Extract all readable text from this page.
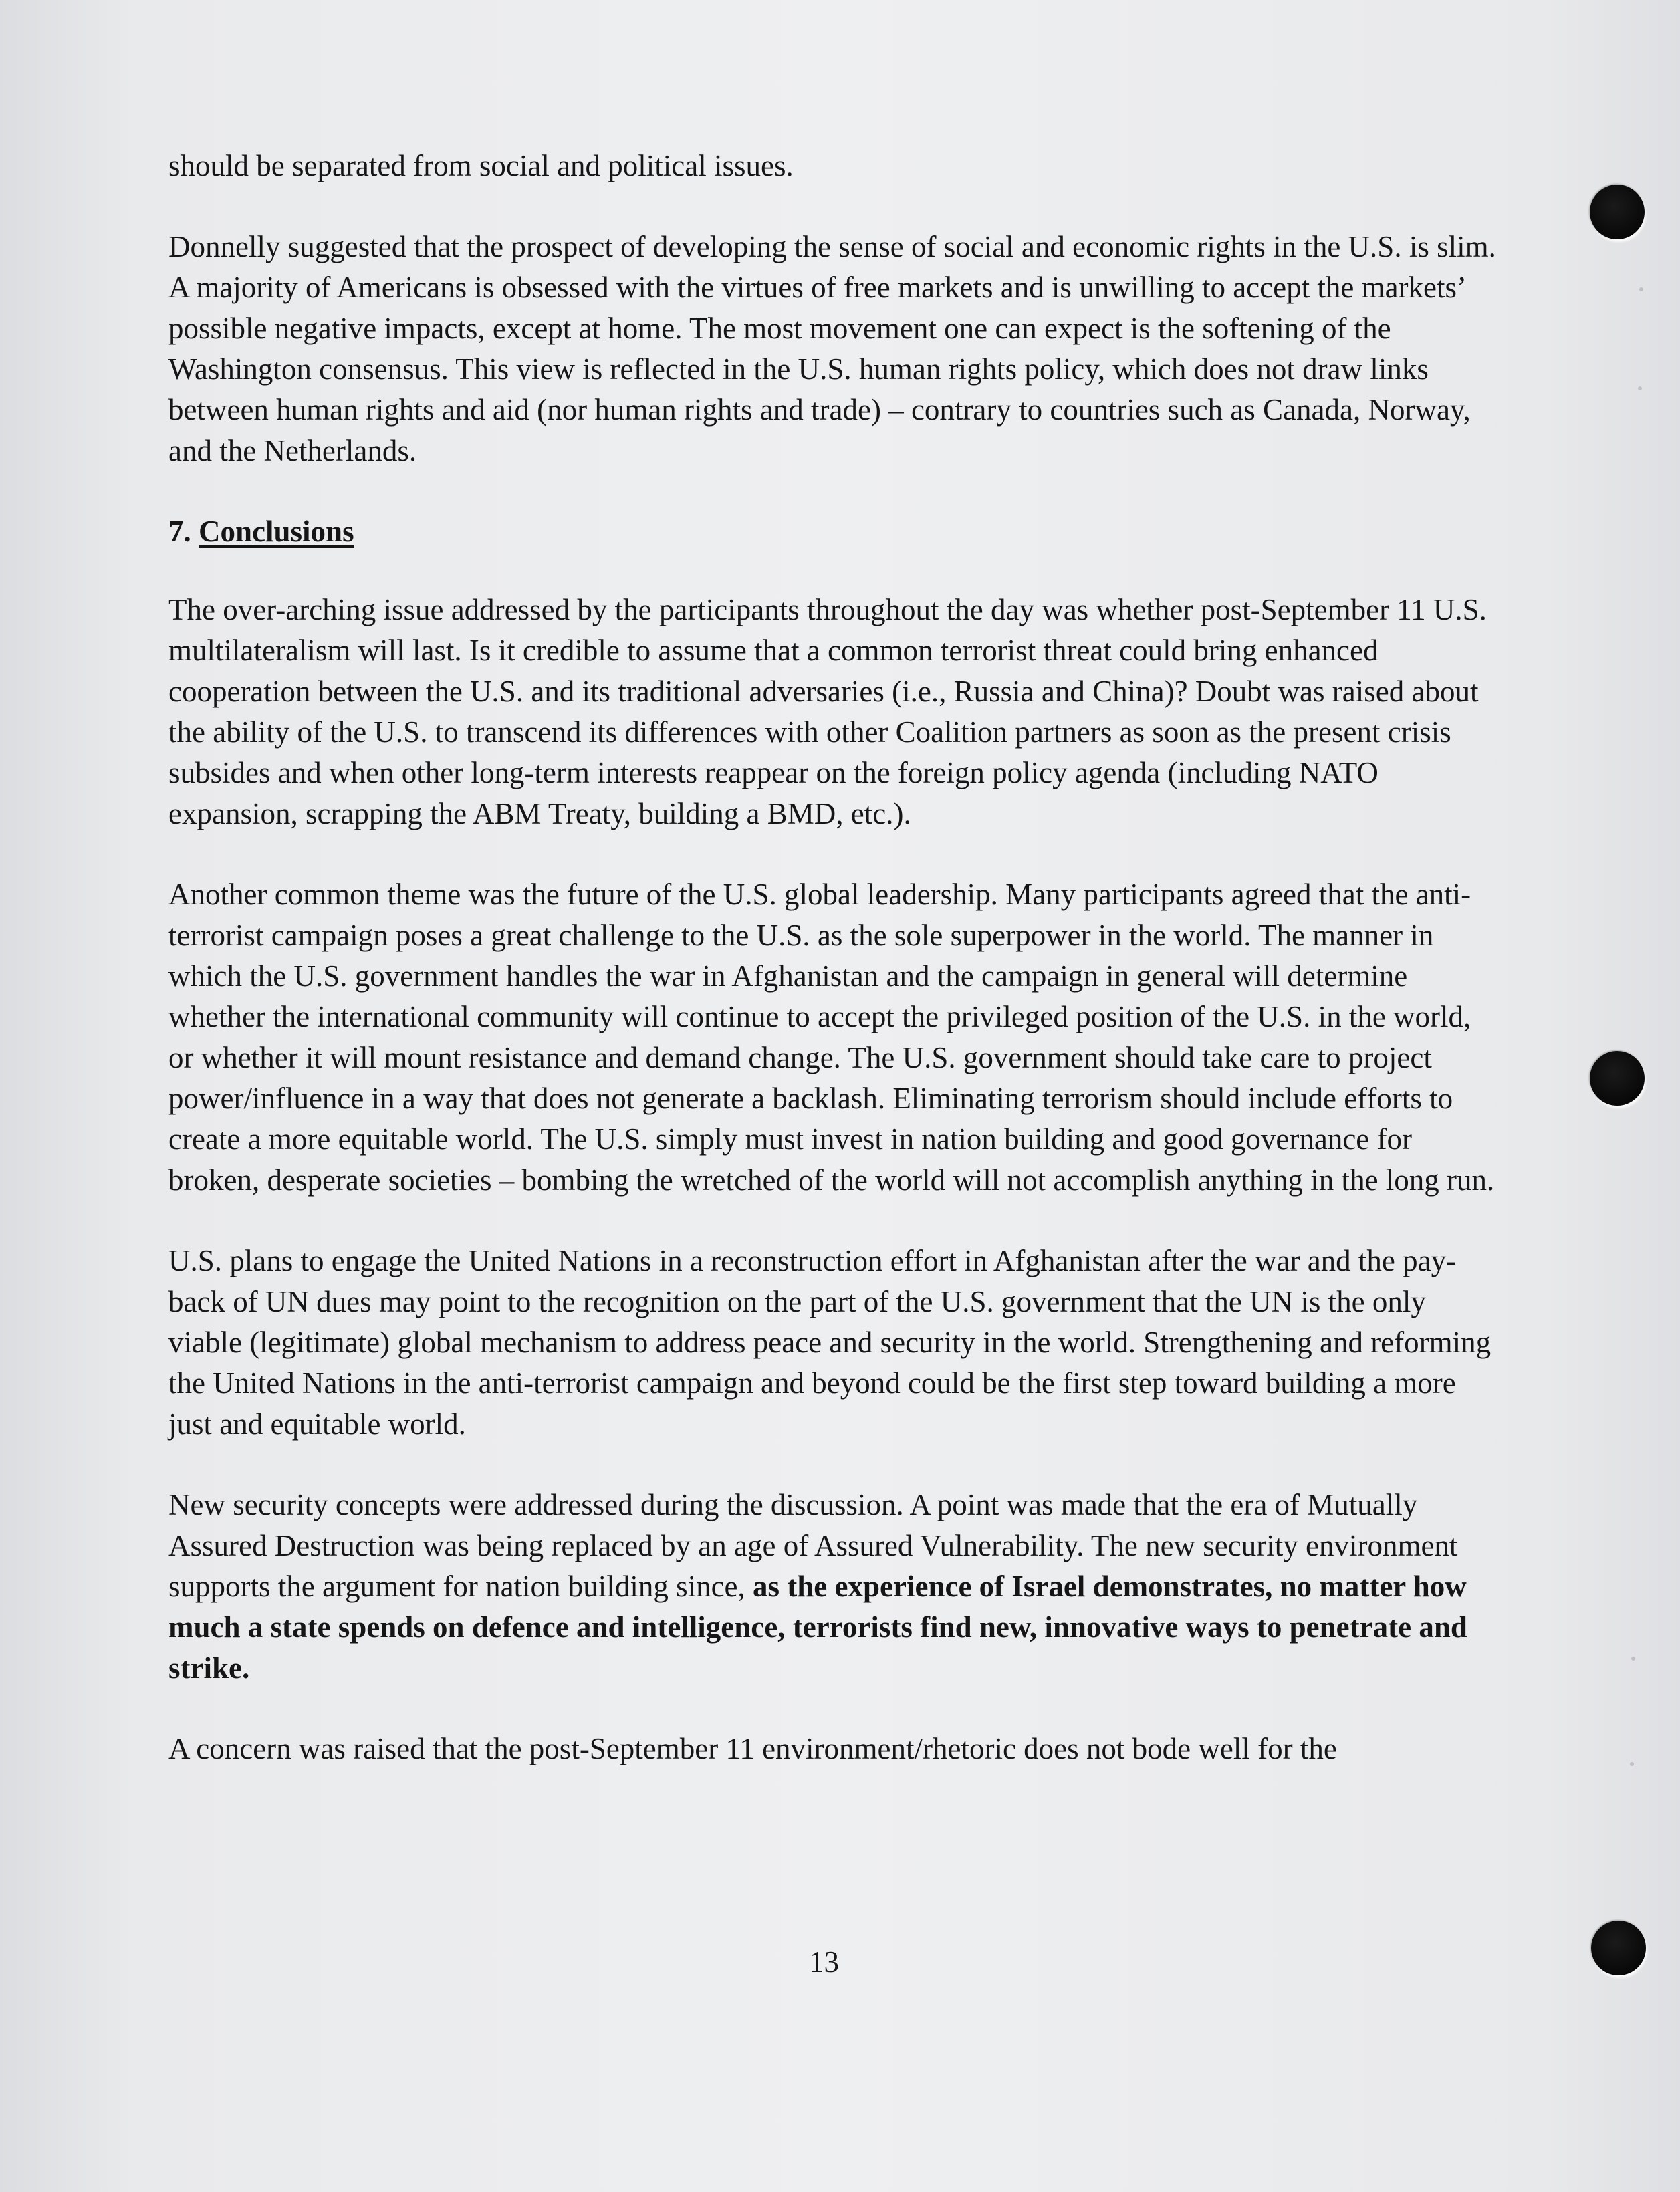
should be separated from social and political issues.

Donnelly suggested that the prospect of developing the sense of social and economic rights in the U.S. is slim. A majority of Americans is obsessed with the virtues of free markets and is unwilling to accept the markets’ possible negative impacts, except at home. The most movement one can expect is the softening of the Washington consensus. This view is reflected in the U.S. human rights policy, which does not draw links between human rights and aid (nor human rights and trade) – contrary to countries such as Canada, Norway, and the Netherlands.

7. Conclusions

The over-arching issue addressed by the participants throughout the day was whether post-September 11 U.S. multilateralism will last. Is it credible to assume that a common terrorist threat could bring enhanced cooperation between the U.S. and its traditional adversaries (i.e., Russia and China)? Doubt was raised about the ability of the U.S. to transcend its differences with other Coalition partners as soon as the present crisis subsides and when other long-term interests reappear on the foreign policy agenda (including NATO expansion, scrapping the ABM Treaty, building a BMD, etc.).

Another common theme was the future of the U.S. global leadership. Many participants agreed that the anti-terrorist campaign poses a great challenge to the U.S. as the sole superpower in the world. The manner in which the U.S. government handles the war in Afghanistan and the campaign in general will determine whether the international community will continue to accept the privileged position of the U.S. in the world, or whether it will mount resistance and demand change. The U.S. government should take care to project power/influence in a way that does not generate a backlash. Eliminating terrorism should include efforts to create a more equitable world. The U.S. simply must invest in nation building and good governance for broken, desperate societies – bombing the wretched of the world will not accomplish anything in the long run.

U.S. plans to engage the United Nations in a reconstruction effort in Afghanistan after the war and the pay-back of UN dues may point to the recognition on the part of the U.S. government that the UN is the only viable (legitimate) global mechanism to address peace and security in the world. Strengthening and reforming the United Nations in the anti-terrorist campaign and beyond could be the first step toward building a more just and equitable world.

New security concepts were addressed during the discussion. A point was made that the era of Mutually Assured Destruction was being replaced by an age of Assured Vulnerability. The new security environment supports the argument for nation building since, as the experience of Israel demonstrates, no matter how much a state spends on defence and intelligence, terrorists find new, innovative ways to penetrate and strike.

A concern was raised that the post-September 11 environment/rhetoric does not bode well for the

13
